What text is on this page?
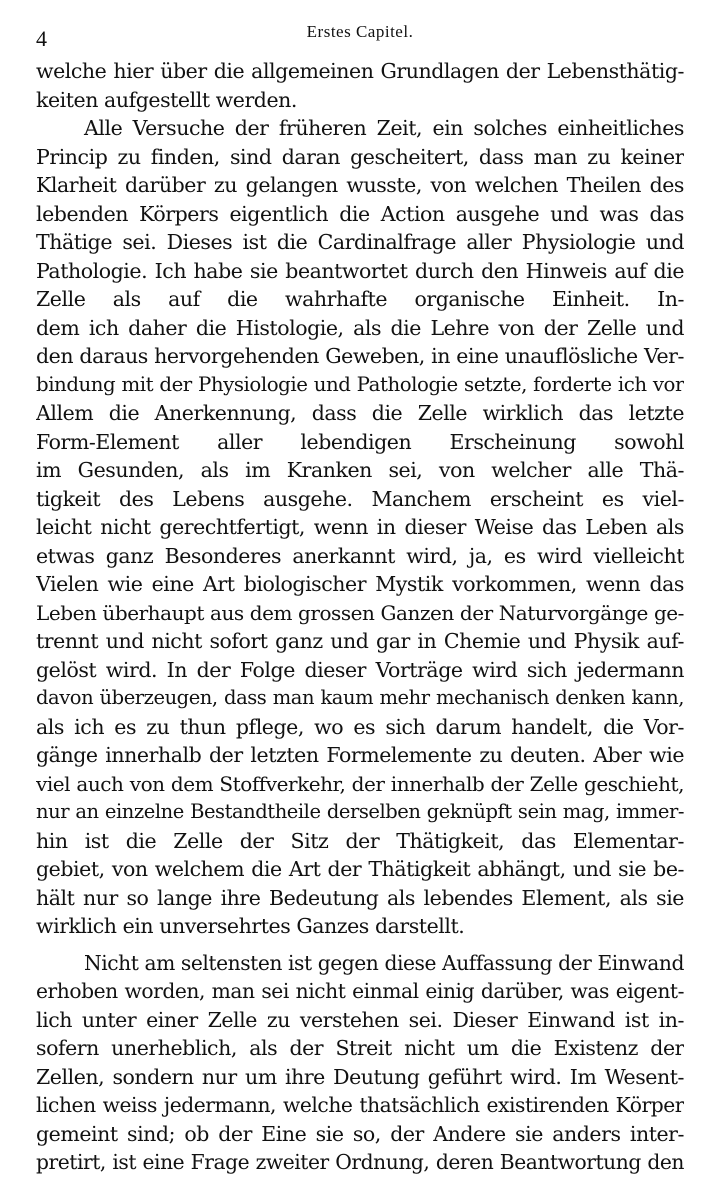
4	Erstes Capitel.
welche hier über die allgemeinen Grundlagen der Lebensthätig-
keiten aufgestellt werden.
Alle Versuche der früheren Zeit, ein solches einheitliches
Princip zu finden, sind daran gescheitert, dass man zu keiner
Klarheit darüber zu gelangen wusste, von welchen Theilen des
lebenden Körpers eigentlich die Action ausgehe und was das
Thätige sei. Dieses ist die Cardinalfrage aller Physiologie und
Pathologie. Ich habe sie beantwortet durch den Hinweis auf die
Zelle als auf die wahrhafte organische Einheit. In-
dem ich daher die Histologie, als die Lehre von der Zelle und
den daraus hervorgehenden Geweben, in eine unauflösliche Ver-
bindung mit der Physiologie und Pathologie setzte, forderte ich vor
Allem die Anerkennung, dass die Zelle wirklich das letzte
Form-Element aller lebendigen Erscheinung sowohl
im Gesunden, als im Kranken sei, von welcher alle Thä-
tigkeit des Lebens ausgehe. Manchem erscheint es viel-
leicht nicht gerechtfertigt, wenn in dieser Weise das Leben als
etwas ganz Besonderes anerkannt wird, ja, es wird vielleicht
Vielen wie eine Art biologischer Mystik vorkommen, wenn das
Leben überhaupt aus dem grossen Ganzen der Naturvorgänge ge-
trennt und nicht sofort ganz und gar in Chemie und Physik auf-
gelöst wird. In der Folge dieser Vorträge wird sich jedermann
davon überzeugen, dass man kaum mehr mechanisch denken kann,
als ich es zu thun pflege, wo es sich darum handelt, die Vor-
gänge innerhalb der letzten Formelemente zu deuten. Aber wie
viel auch von dem Stoffverkehr, der innerhalb der Zelle geschieht,
nur an einzelne Bestandtheile derselben geknüpft sein mag, immer-
hin ist die Zelle der Sitz der Thätigkeit, das Elementar-
gebiet, von welchem die Art der Thätigkeit abhängt, und sie be-
hält nur so lange ihre Bedeutung als lebendes Element, als sie
wirklich ein unversehrtes Ganzes darstellt.
Nicht am seltensten ist gegen diese Auffassung der Einwand
erhoben worden, man sei nicht einmal einig darüber, was eigent-
lich unter einer Zelle zu verstehen sei. Dieser Einwand ist in-
sofern unerheblich, als der Streit nicht um die Existenz der
Zellen, sondern nur um ihre Deutung geführt wird. Im Wesent-
lichen weiss jedermann, welche thatsächlich existirenden Körper
gemeint sind; ob der Eine sie so, der Andere sie anders inter-
pretirt, ist eine Frage zweiter Ordnung, deren Beantwortung den
